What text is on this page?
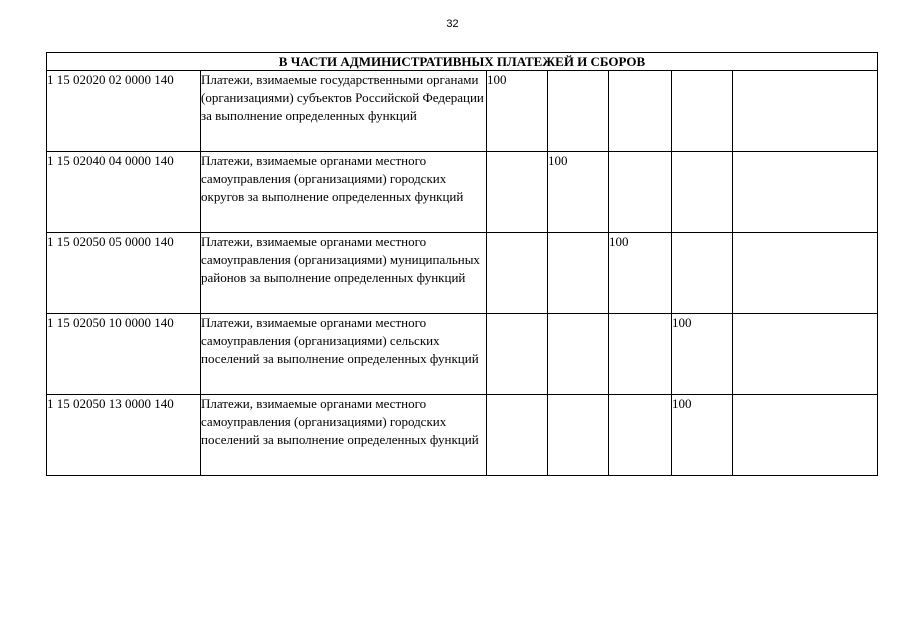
32
В ЧАСТИ АДМИНИСТРАТИВНЫХ ПЛАТЕЖЕЙ И СБОРОВ						
1 15 02020 02 0000 140	Платежи, взимаемые государственными органами (организациями) субъектов Российской Федерации за выполнение определенных функций	100				
1 15 02040 04 0000 140	Платежи, взимаемые органами местного самоуправления (организациями) городских округов за выполнение определенных функций		100			
1 15 02050 05 0000 140	Платежи, взимаемые органами местного самоуправления (организациями) муниципальных районов за выполнение определенных функций			100		
1 15 02050 10 0000 140	Платежи, взимаемые органами местного самоуправления (организациями) сельских поселений за выполнение определенных функций				100	
1 15 02050 13 0000 140	Платежи, взимаемые органами местного самоуправления (организациями) городских поселений за выполнение определенных функций				100	
